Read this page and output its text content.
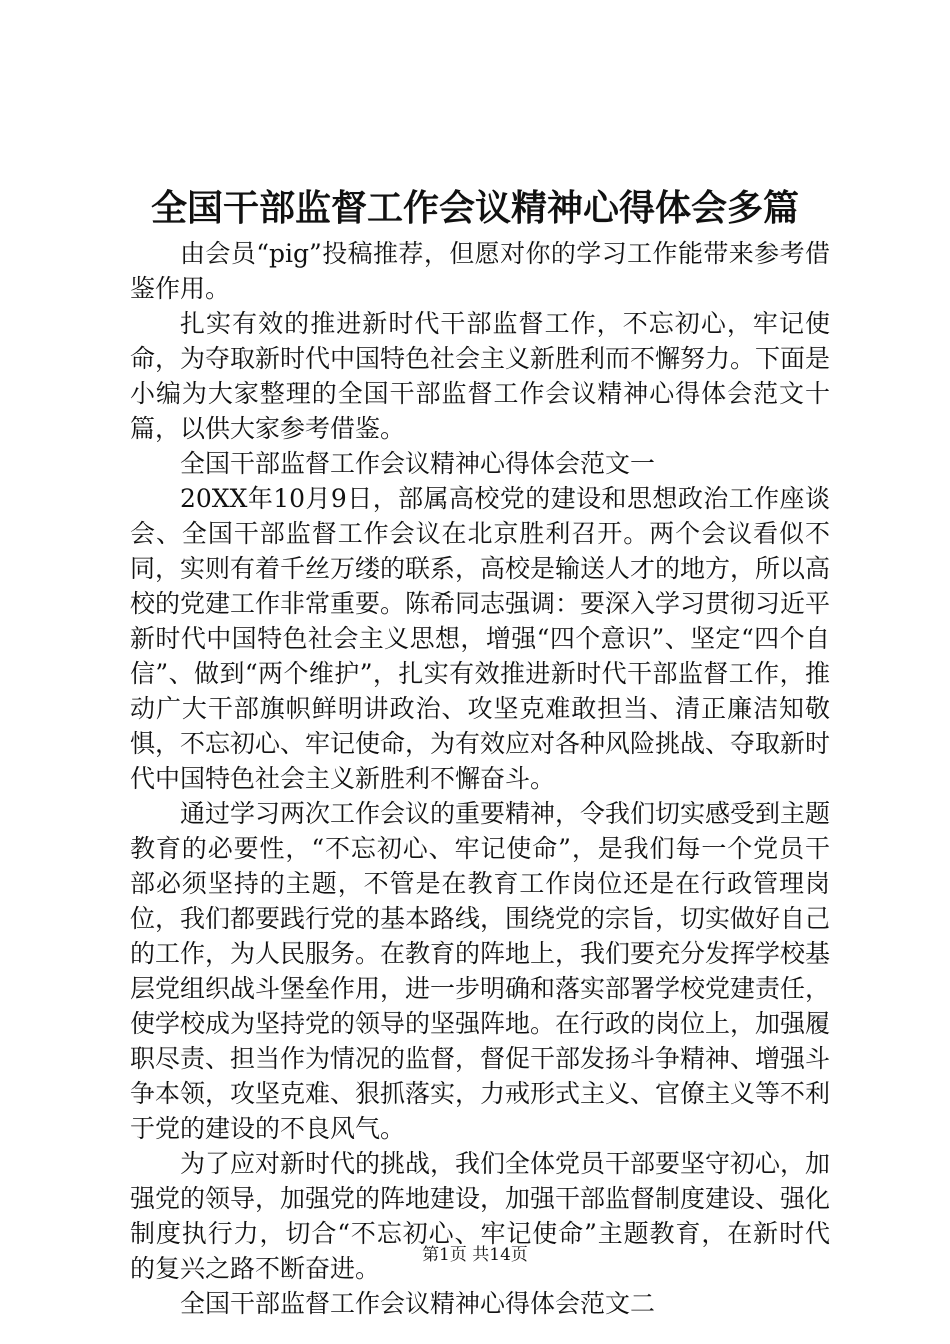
全国干部监督工作会议精神心得体会多篇

由会员“pig”投稿推荐，但愿对你的学习工作能带来参考借鉴作用。

扎实有效的推进新时代干部监督工作，不忘初心，牢记使命，为夺取新时代中国特色社会主义新胜利而不懈努力。下面是小编为大家整理的全国干部监督工作会议精神心得体会范文十篇，以供大家参考借鉴。

全国干部监督工作会议精神心得体会范文一

20XX年10月9日，部属高校党的建设和思想政治工作座谈会、全国干部监督工作会议在北京胜利召开。两个会议看似不同，实则有着千丝万缕的联系，高校是输送人才的地方，所以高校的党建工作非常重要。陈希同志强调：要深入学习贯彻习近平新时代中国特色社会主义思想，增强“四个意识”、坚定“四个自信”、做到“两个维护”，扎实有效推进新时代干部监督工作，推动广大干部旗帜鲜明讲政治、攻坚克难敢担当、清正廉洁知敬惧，不忘初心、牢记使命，为有效应对各种风险挑战、夺取新时代中国特色社会主义新胜利不懈奋斗。

通过学习两次工作会议的重要精神，令我们切实感受到主题教育的必要性，“不忘初心、牢记使命”，是我们每一个党员干部必须坚持的主题，不管是在教育工作岗位还是在行政管理岗位，我们都要践行党的基本路线，围绕党的宗旨，切实做好自己的工作，为人民服务。在教育的阵地上，我们要充分发挥学校基层党组织战斗堡垒作用，进一步明确和落实部署学校党建责任，使学校成为坚持党的领导的坚强阵地。在行政的岗位上，加强履职尽责、担当作为情况的监督，督促干部发扬斗争精神、增强斗争本领，攻坚克难、狠抓落实，力戒形式主义、官僚主义等不利于党的建设的不良风气。

为了应对新时代的挑战，我们全体党员干部要坚守初心，加强党的领导，加强党的阵地建设，加强干部监督制度建设、强化制度执行力，切合“不忘初心、牢记使命”主题教育，在新时代的复兴之路不断奋进。

全国干部监督工作会议精神心得体会范文二

第1页 共14页
